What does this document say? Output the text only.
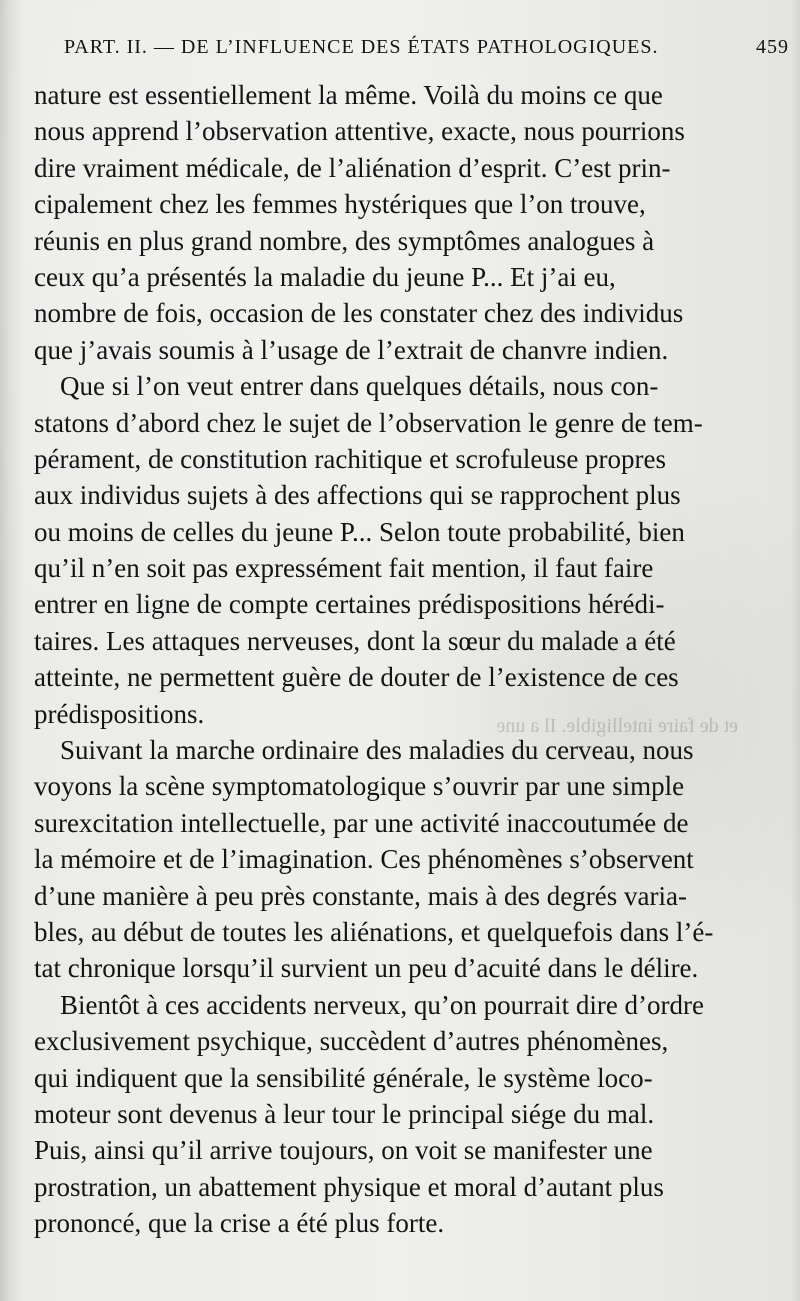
PART. II. — DE L’INFLUENCE DES ÉTATS PATHOLOGIQUES.	459
et de faire intelligible. Il a une
nature est essentiellement la même. Voilà du moins ce que
nous apprend l’observation attentive, exacte, nous pourrions
dire vraiment médicale, de l’aliénation d’esprit. C’est prin-
cipalement chez les femmes hystériques que l’on trouve,
réunis en plus grand nombre, des symptômes analogues à
ceux qu’a présentés la maladie du jeune P... Et j’ai eu,
nombre de fois, occasion de les constater chez des individus
que j’avais soumis à l’usage de l’extrait de chanvre indien.
Que si l’on veut entrer dans quelques détails, nous con-
statons d’abord chez le sujet de l’observation le genre de tem-
pérament, de constitution rachitique et scrofuleuse propres
aux individus sujets à des affections qui se rapprochent plus
ou moins de celles du jeune P... Selon toute probabilité, bien
qu’il n’en soit pas expressément fait mention, il faut faire
entrer en ligne de compte certaines prédispositions hérédi-
taires. Les attaques nerveuses, dont la sœur du malade a été
atteinte, ne permettent guère de douter de l’existence de ces
prédispositions.
Suivant la marche ordinaire des maladies du cerveau, nous
voyons la scène symptomatologique s’ouvrir par une simple
surexcitation intellectuelle, par une activité inaccoutumée de
la mémoire et de l’imagination. Ces phénomènes s’observent
d’une manière à peu près constante, mais à des degrés varia-
bles, au début de toutes les aliénations, et quelquefois dans l’é-
tat chronique lorsqu’il survient un peu d’acuité dans le délire.
Bientôt à ces accidents nerveux, qu’on pourrait dire d’ordre
exclusivement psychique, succèdent d’autres phénomènes,
qui indiquent que la sensibilité générale, le système loco-
moteur sont devenus à leur tour le principal siége du mal.
Puis, ainsi qu’il arrive toujours, on voit se manifester une
prostration, un abattement physique et moral d’autant plus
prononcé, que la crise a été plus forte.
